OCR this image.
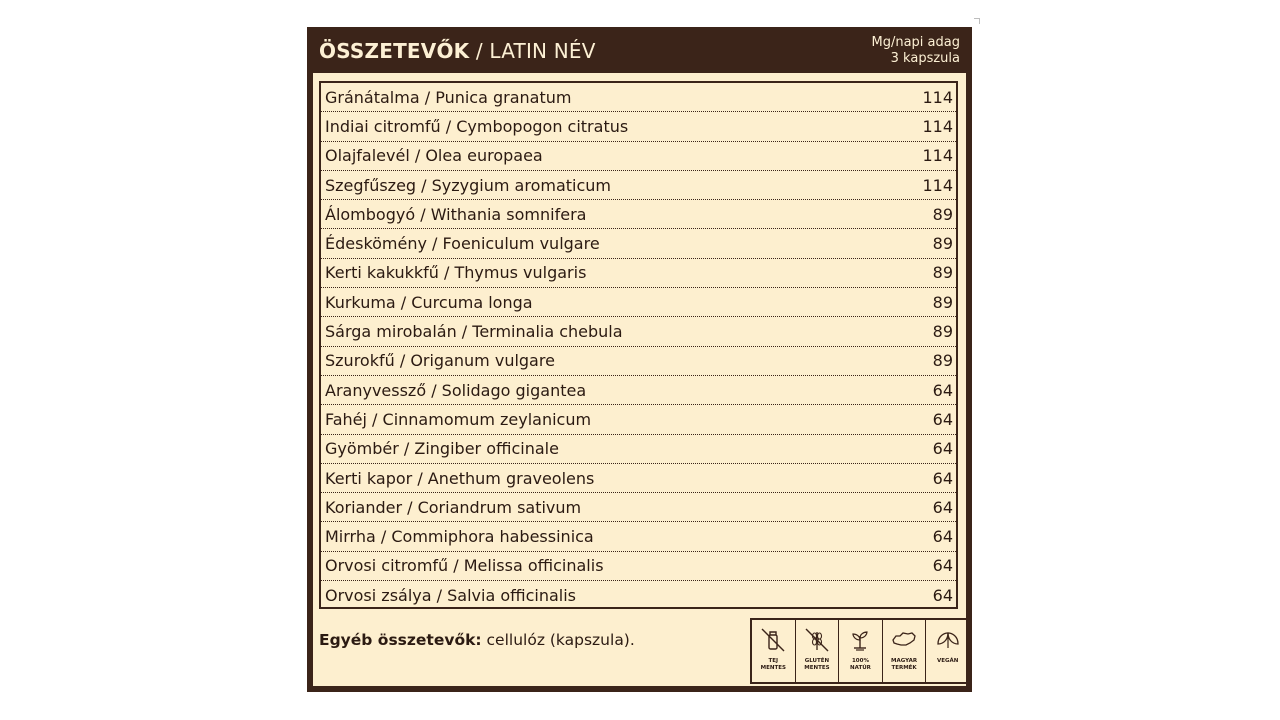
ÖSSZETEVŐK / LATIN NÉV	Mg/napi adag
3 kapszula
Gránátalma / Punica granatum	114
Indiai citromfű / Cymbopogon citratus	114
Olajfalevél / Olea europaea	114
Szegfűszeg / Syzygium aromaticum	114
Álombogyó / Withania somnifera	89
Édeskömény / Foeniculum vulgare	89
Kerti kakukkfű / Thymus vulgaris	89
Kurkuma / Curcuma longa	89
Sárga mirobalán / Terminalia chebula	89
Szurokfű / Origanum vulgare	89
Aranyvessző / Solidago gigantea	64
Fahéj / Cinnamomum zeylanicum	64
Gyömbér / Zingiber officinale	64
Kerti kapor / Anethum graveolens	64
Koriander / Coriandrum sativum	64
Mirrha / Commiphora habessinica	64
Orvosi citromfű / Melissa officinalis	64
Orvosi zsálya / Salvia officinalis	64
Egyéb összetevők: cellulóz (kapszula).
TEJ
MENTES
GLUTÉN
MENTES
100%
NATÚR
MAGYAR
TERMÉK
VEGÁN
